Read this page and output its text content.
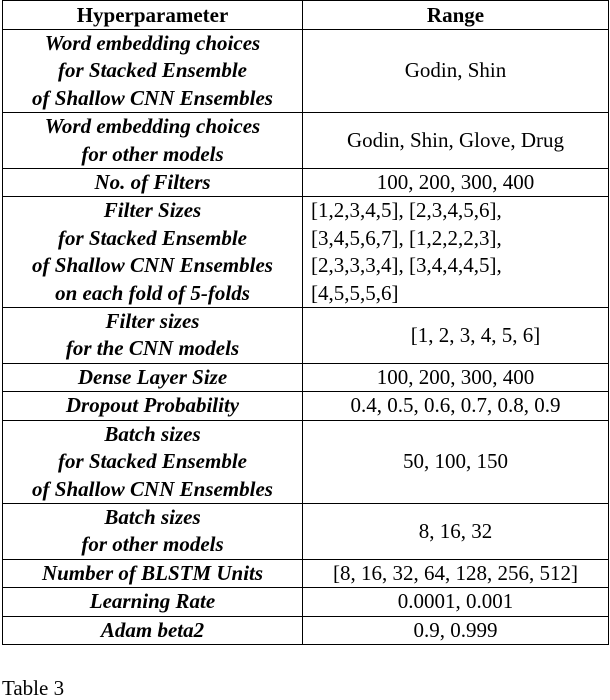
Hyperparameter	Range

Word embedding choices
for Stacked Ensemble
of Shallow CNN Ensembles	Godin, Shin

Word embedding choices
for other models	Godin, Shin, Glove, Drug

No. of Filters	100, 200, 300, 400

Filter Sizes
for Stacked Ensemble
of Shallow CNN Ensembles
on each fold of 5-folds	[1,2,3,4,5], [2,3,4,5,6],
[3,4,5,6,7], [1,2,2,2,3],
[2,3,3,3,4], [3,4,4,4,5],
[4,5,5,5,6]

Filter sizes
for the CNN models	[1, 2, 3, 4, 5, 6]

Dense Layer Size	100, 200, 300, 400

Dropout Probability	0.4, 0.5, 0.6, 0.7, 0.8, 0.9

Batch sizes
for Stacked Ensemble
of Shallow CNN Ensembles	50, 100, 150

Batch sizes
for other models	8, 16, 32

Number of BLSTM Units	[8, 16, 32, 64, 128, 256, 512]

Learning Rate	0.0001, 0.001

Adam beta2	0.9, 0.999
Table 3
